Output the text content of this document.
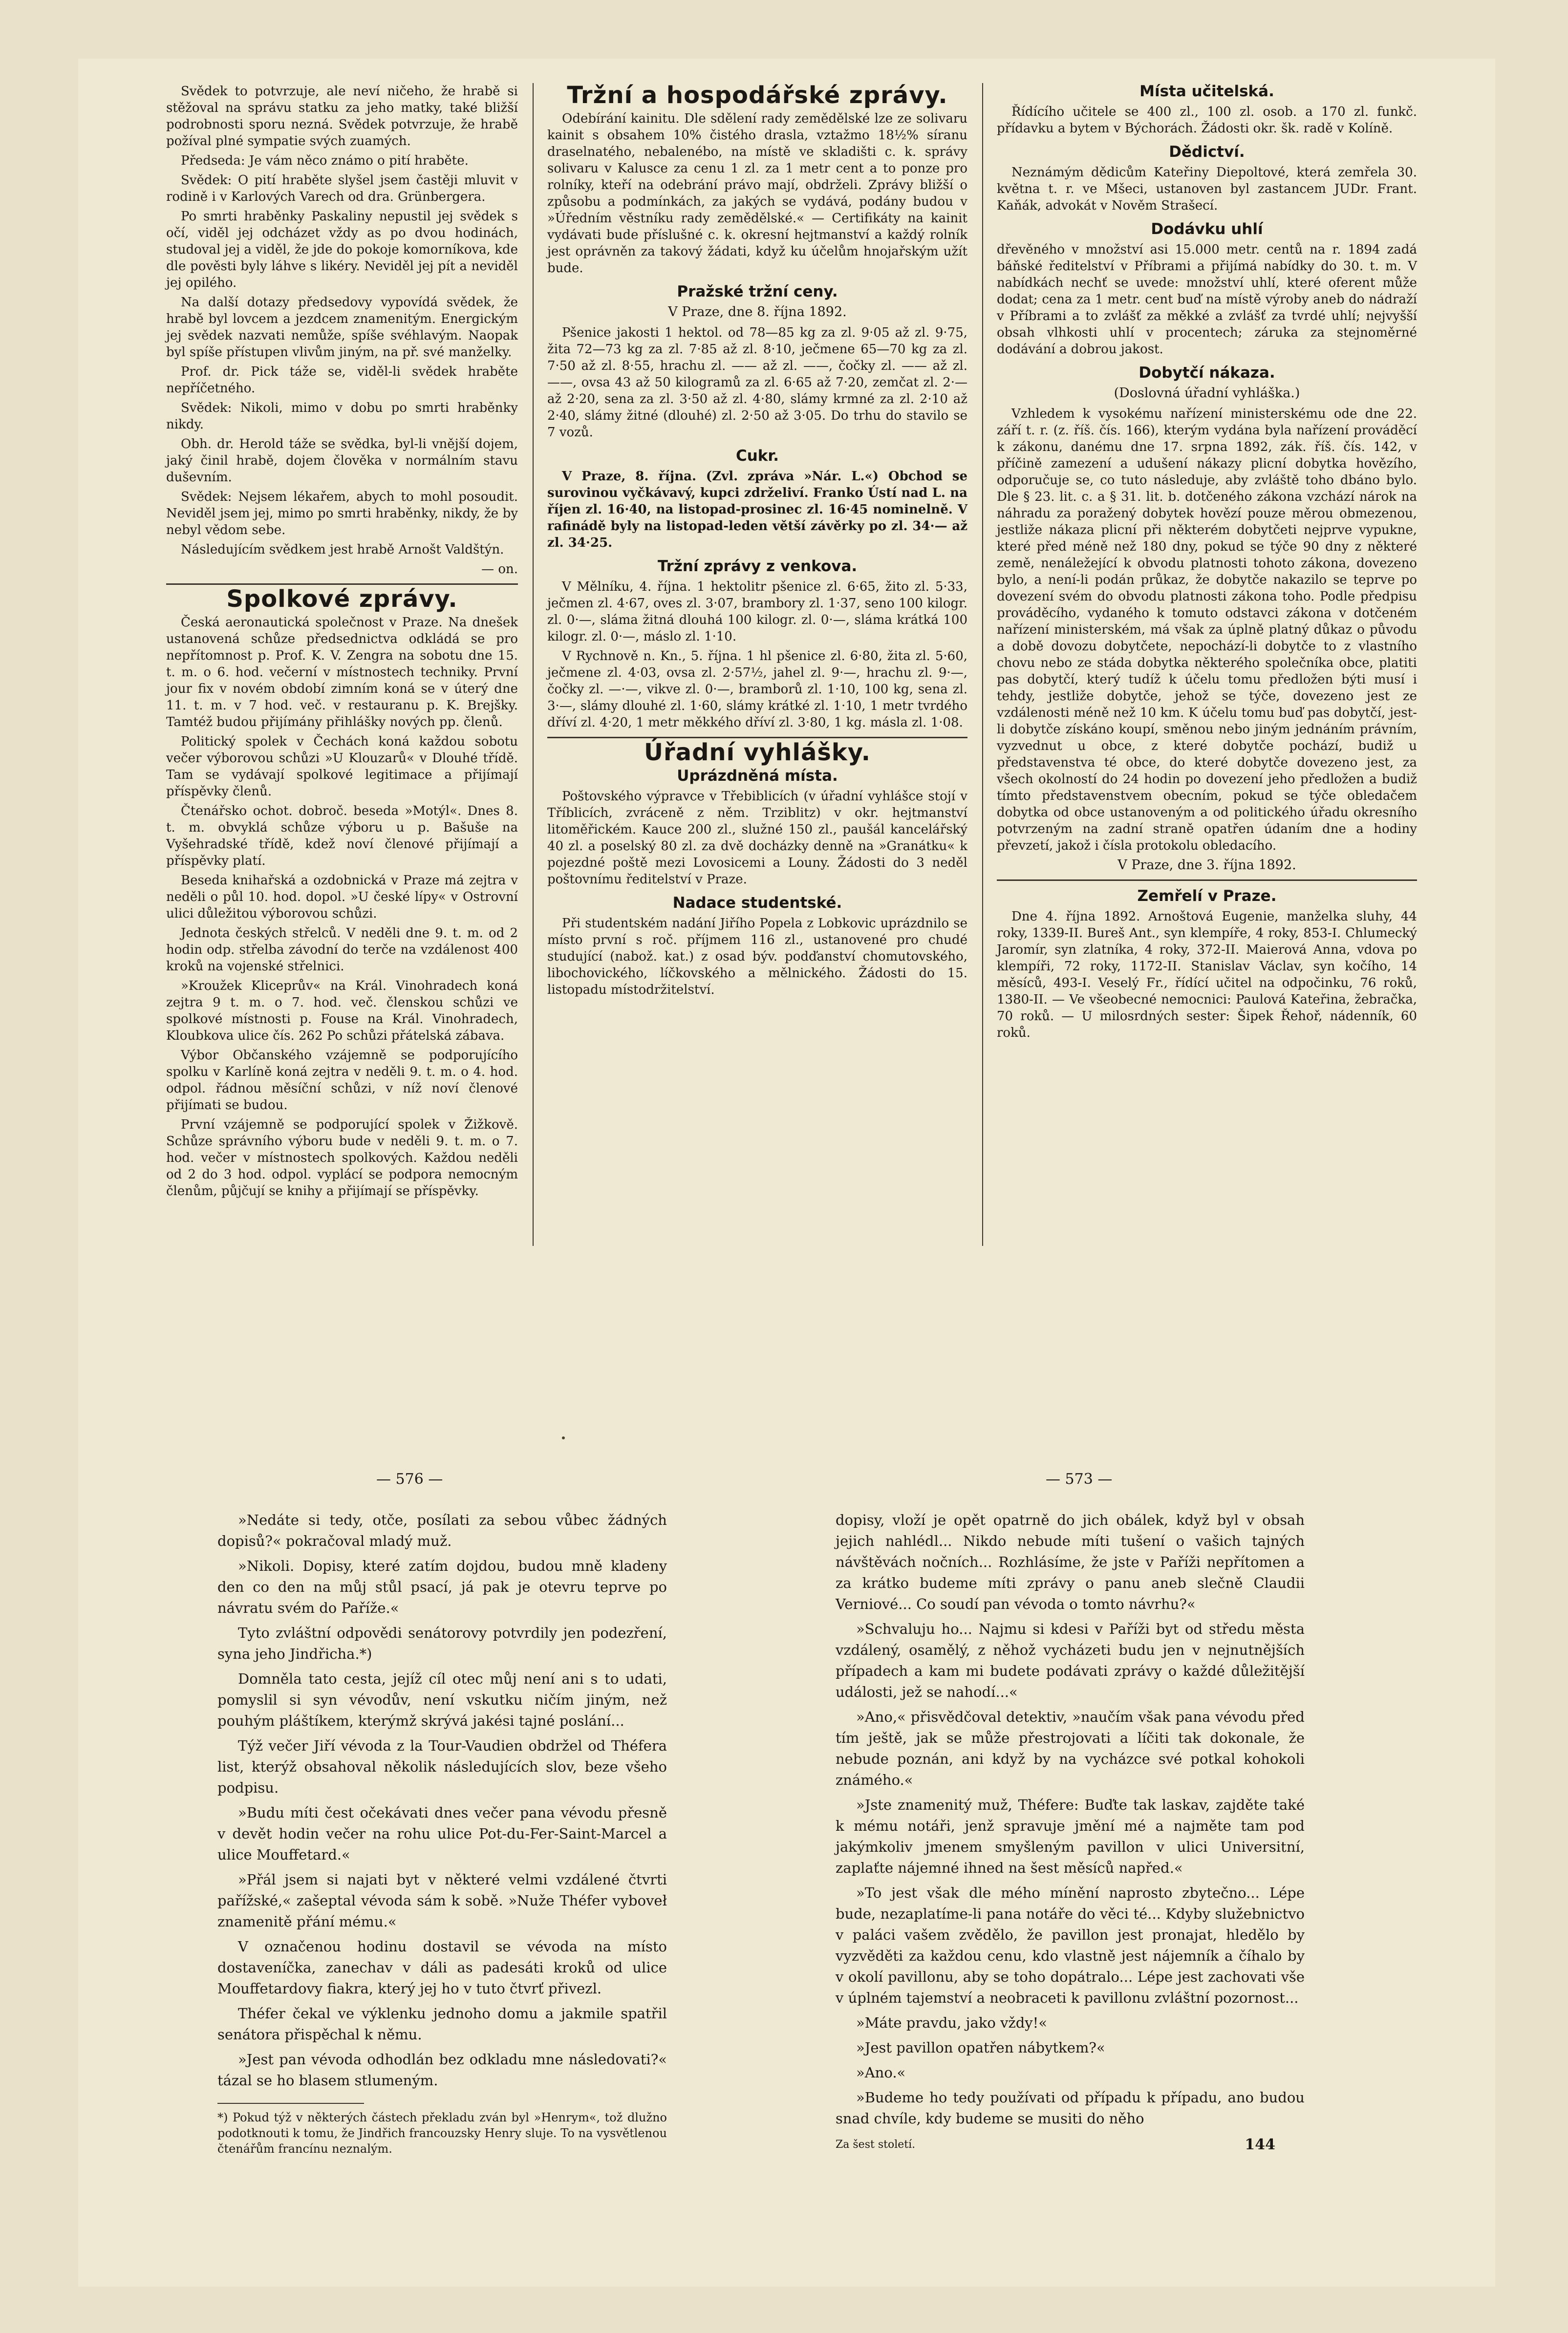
Svědek to potvrzuje, ale neví ničeho, že hrabě si stěžoval na správu statku za jeho matky, také bližší podrobnosti sporu nezná. Svědek potvrzuje, že hrabě požíval plné sympatie svých zuamých.

Předseda: Je vám něco známo o pití hraběte.

Svědek: O pití hraběte slyšel jsem častěji mluvit v rodině i v Karlových Varech od dra. Grünbergera.

Po smrti hraběnky Paskaliny nepustil jej svědek s očí, viděl jej odcházet vždy as po dvou hodinách, studoval jej a viděl, že jde do pokoje komorníkova, kde dle pověsti byly láhve s likéry. Neviděl jej pít a neviděl jej opilého.

Na další dotazy předsedovy vypovídá svědek, že hrabě byl lovcem a jezdcem znamenitým. Energickým jej svědek nazvati nemůže, spíše svéhlavým. Naopak byl spíše přístupen vlivům jiným, na př. své manželky.

Prof. dr. Pick táže se, viděl-li svědek hraběte nepříčetného.

Svědek: Nikoli, mimo v dobu po smrti hraběnky nikdy.

Obh. dr. Herold táže se svědka, byl-li vnější dojem, jaký činil hrabě, dojem člověka v normálním stavu duševním.

Svědek: Nejsem lékařem, abych to mohl posoudit. Neviděl jsem jej, mimo po smrti hraběnky, nikdy, že by nebyl vědom sebe.

Následujícím svědkem jest hrabě Arnošt Valdštýn.

— on.
Spolkové zprávy.

Česká aeronautická společnost v Praze. Na dnešek ustanovená schůze předsednictva odkládá se pro nepřítomnost p. Prof. K. V. Zengra na sobotu dne 15. t. m. o 6. hod. večerní v místnostech techniky. První jour fix v novém období zimním koná se v úterý dne 11. t. m. v 7 hod. več. v restauranu p. K. Brejšky. Tamtéž budou přijímány přihlášky nových pp. členů.

Politický spolek v Čechách koná každou sobotu večer výborovou schůzi »U Klouzarů« v Dlouhé třídě. Tam se vydávají spolkové legitimace a přijímají příspěvky členů.

Čtenářsko ochot. dobroč. beseda »Motýl«. Dnes 8. t. m. obvyklá schůze výboru u p. Bašuše na Vyšehradské třídě, kdež noví členové přijímají a příspěvky platí.

Beseda knihařská a ozdobnická v Praze má zejtra v neděli o půl 10. hod. dopol. »U české lípy« v Ostrovní ulici důležitou výborovou schůzi.

Jednota českých střelců. V neděli dne 9. t. m. od 2 hodin odp. střelba závodní do terče na vzdálenost 400 kroků na vojenské střelnici.

»Kroužek Kliceprův« na Král. Vinohradech koná zejtra 9 t. m. o 7. hod. več. členskou schůzi ve spolkové místnosti p. Fouse na Král. Vinohradech, Kloubkova ulice čís. 262 Po schůzi přátelská zábava.

Výbor Občanského vzájemně se podporujícího spolku v Karlíně koná zejtra v neděli 9. t. m. o 4. hod. odpol. řádnou měsíční schůzi, v níž noví členové přijímati se budou.

První vzájemně se podporující spolek v Žižkově. Schůze správního výboru bude v neděli 9. t. m. o 7. hod. večer v místnostech spolkových. Každou neděli od 2 do 3 hod. odpol. vyplácí se podpora nemocným členům, půjčují se knihy a přijímají se příspěvky.

Tržní a hospodářské zprávy.

Odebírání kainitu. Dle sdělení rady zemědělské lze ze solivaru kainit s obsahem 10% čistého drasla, vztažmo 18½% síranu draselnatého, nebalenébo, na místě ve skladišti c. k. správy solivaru v Kalusce za cenu 1 zl. za 1 metr cent a to ponze pro rolníky, kteří na odebrání právo mají, obdrželi. Zprávy bližší o způsobu a podmínkách, za jakých se vydává, podány budou v »Úředním věstníku rady zemědělské.« — Certifikáty na kainit vydávati bude příslušné c. k. okresní hejtmanství a každý rolník jest oprávněn za takový žádati, když ku účelům hnojařským užít bude.

Pražské tržní ceny.
V Praze, dne 8. října 1892.

Pšenice jakosti 1 hektol. od 78—85 kg za zl. 9·05 až zl. 9·75, žita 72—73 kg za zl. 7·85 až zl. 8·10, ječmene 65—70 kg za zl. 7·50 až zl. 8·55, hrachu zl. —— až zl. ——, čočky zl. —— až zl. ——, ovsa 43 až 50 kilogramů za zl. 6·65 až 7·20, zemčat zl. 2·— až 2·20, sena za zl. 3·50 až zl. 4·80, slámy krmné za zl. 2·10 až 2·40, slámy žitné (dlouhé) zl. 2·50 až 3·05. Do trhu do stavilo se 7 vozů.

Cukr.

V Praze, 8. října. (Zvl. zpráva »Nár. L.«) Obchod se surovinou vyčkávavý, kupci zdrželiví. Franko Ústí nad L. na říjen zl. 16·40, na listopad-prosinec zl. 16·45 nominelně. V rafinádě byly na listopad-leden větší závěrky po zl. 34·— až zl. 34·25.

Tržní zprávy z venkova.

V Mělníku, 4. října. 1 hektolitr pšenice zl. 6·65, žito zl. 5·33, ječmen zl. 4·67, oves zl. 3·07, brambory zl. 1·37, seno 100 kilogr. zl. 0·—, sláma žitná dlouhá 100 kilogr. zl. 0·—, sláma krátká 100 kilogr. zl. 0·—, máslo zl. 1·10.

V Rychnově n. Kn., 5. října. 1 hl pšenice zl. 6·80, žita zl. 5·60, ječmene zl. 4·03, ovsa zl. 2·57½, jahel zl. 9·—, hrachu zl. 9·—, čočky zl. —·—, vikve zl. 0·—, bramborů zl. 1·10, 100 kg, sena zl. 3·—, slámy dlouhé zl. 1·60, slámy krátké zl. 1·10, 1 metr tvrdého dříví zl. 4·20, 1 metr měkkého dříví zl. 3·80, 1 kg. másla zl. 1·08.

Úřadní vyhlášky.
Uprázdněná místa.

Poštovského výpravce v Třebiblicích (v úřadní vyhlášce stojí v Tříblicích, zvráceně z něm. Trziblitz) v okr. hejtmanství litoměřickém. Kauce 200 zl., služné 150 zl., paušál kancelářský 40 zl. a poselský 80 zl. za dvě docházky denně na »Granátku« k pojezdné poště mezi Lovosicemi a Louny. Žádosti do 3 neděl poštovnímu ředitelství v Praze.

Nadace studentské.

Při studentském nadání Jiřího Popela z Lobkovic uprázdnilo se místo první s roč. příjmem 116 zl., ustanovené pro chudé studující (nabož. kat.) z osad býv. podďanství chomutovského, libochovického, líčkovského a mělnického. Žádosti do 15. listopadu místodržitelství.

Místa učitelská.

Řídícího učitele se 400 zl., 100 zl. osob. a 170 zl. funkč. přídavku a bytem v Býchorách. Žádosti okr. šk. radě v Kolíně.

Dědictví.

Neznámým dědicům Kateřiny Diepoltové, která zemřela 30. května t. r. ve Mšeci, ustanoven byl zastancem JUDr. Frant. Kaňák, advokát v Nověm Strašecí.

Dodávku uhlí

dřevěného v množství asi 15.000 metr. centů na r. 1894 zadá báňské ředitelství v Příbrami a přijímá nabídky do 30. t. m. V nabídkách nechť se uvede: množství uhlí, které oferent může dodat; cena za 1 metr. cent buď na místě výroby aneb do nádraží v Příbrami a to zvlášť za měkké a zvlášť za tvrdé uhlí; nejvyšší obsah vlhkosti uhlí v procentech; záruka za stejnoměrné dodávání a dobrou jakost.

Dobytčí nákaza.
(Doslovná úřadní vyhláška.)

Vzhledem k vysokému nařízení ministerskému ode dne 22. září t. r. (z. říš. čís. 166), kterým vydána byla nařízení prováděcí k zákonu, danému dne 17. srpna 1892, zák. říš. čís. 142, v příčině zamezení a udušení nákazy plicní dobytka hovězího, odporučuje se, co tuto následuje, aby zvláště toho dbáno bylo. Dle § 23. lit. c. a § 31. lit. b. dotčeného zákona vzchází nárok na náhradu za poražený dobytek hovězí pouze měrou obmezenou, jestliže nákaza plicní při některém dobytčeti nejprve vypukne, které před méně než 180 dny, pokud se týče 90 dny z některé země, nenáležející k obvodu platnosti tohoto zákona, dovezeno bylo, a není-li podán průkaz, že dobytče nakazilo se teprve po dovezení svém do obvodu platnosti zákona toho. Podle předpisu prováděcího, vydaného k tomuto odstavci zákona v dotčeném nařízení ministerském, má však za úplně platný důkaz o původu a době dovozu dobytčete, nepochází-li dobytče to z vlastního chovu nebo ze stáda dobytka některého společníka obce, platiti pas dobytčí, který tudíž k účelu tomu předložen býti musí i tehdy, jestliže dobytče, jehož se týče, dovezeno jest ze vzdálenosti méně než 10 km. K účelu tomu buď pas dobytčí, jest-li dobytče získáno koupí, směnou nebo jiným jednáním právním, vyzvednut u obce, z které dobytče pochází, budiž u představenstva té obce, do které dobytče dovezeno jest, za všech okolností do 24 hodin po dovezení jeho předložen a budiž tímto představenstvem obecním, pokud se týče obledačem dobytka od obce ustanoveným a od politického úřadu okresního potvrzeným na zadní straně opatřen údaním dne a hodiny převzetí, jakož i čísla protokolu obledacího.

V Praze, dne 3. října 1892.
Zemřelí v Praze.

Dne 4. října 1892. Arnoštová Eugenie, manželka sluhy, 44 roky, 1339-II. Bureš Ant., syn klempíře, 4 roky, 853-I. Chlumecký Jaromír, syn zlatníka, 4 roky, 372-II. Maierová Anna, vdova po klempíři, 72 roky, 1172-II. Stanislav Václav, syn kočího, 14 měsíců, 493-I. Veselý Fr., řídící učitel na odpočinku, 76 roků, 1380-II. — Ve všeobecné nemocnici: Paulová Kateřina, žebračka, 70 roků. — U milosrdných sester: Šipek Řehoř, nádenník, 60 roků.

— 576 —	— 573 —

»Nedáte si tedy, otče, posílati za sebou vůbec žádných dopisů?« pokračoval mladý muž.

»Nikoli. Dopisy, které zatím dojdou, budou mně kladeny den co den na můj stůl psací, já pak je otevru teprve po návratu svém do Paříže.«

Tyto zvláštní odpovědi senátorovy potvrdily jen podezření, syna jeho Jindřicha.*)

Domněla tato cesta, jejíž cíl otec můj není ani s to udati, pomyslil si syn vévodův, není vskutku ničím jiným, než pouhým pláštíkem, kterýmž skrývá jakési tajné poslání...

Týž večer Jiří vévoda z la Tour-Vaudien obdržel od Théfera list, kterýž obsahoval několik následujících slov, beze všeho podpisu.

»Budu míti čest očekávati dnes večer pana vévodu přesně v devět hodin večer na rohu ulice Pot-du-Fer-Saint-Marcel a ulice Mouffetard.«

»Přál jsem si najati byt v některé velmi vzdálené čtvrti pařížské,« zašeptal vévoda sám k sobě. »Nuže Théfer vyboveł znamenitě přání mému.«

V označenou hodinu dostavil se vévoda na místo dostaveníčka, zanechav v dáli as padesáti kroků od ulice Mouffetardovy fiakra, který jej ho v tuto čtvrť přivezl.

Théfer čekal ve výklenku jednoho domu a jakmile spatřil senátora přispěchal k němu.

»Jest pan vévoda odhodlán bez odkladu mne následovati?« tázal se ho blasem stlumeným.

*) Pokud týž v některých částech překladu zván byl »Henrym«, tož dlužno podotknouti k tomu, že Jindřich francouzsky Henry sluje. To na vysvětlenou čtenářům francínu neznalým.

dopisy, vloží je opět opatrně do jich obálek, když byl v obsah jejich nahlédl... Nikdo nebude míti tušení o vašich tajných návštěvách nočních... Rozhlásíme, že jste v Paříži nepřítomen a za krátko budeme míti zprávy o panu aneb slečně Claudii Verniové... Co soudí pan vévoda o tomto návrhu?«

»Schvaluju ho... Najmu si kdesi v Paříži byt od středu města vzdálený, osamělý, z něhož vycházeti budu jen v nejnutnějších případech a kam mi budete podávati zprávy o každé důležitější události, jež se nahodí...«

»Ano,« přisvědčoval detektiv, »naučím však pana vévodu před tím ještě, jak se může přestrojovati a líčiti tak dokonale, že nebude poznán, ani když by na vycházce své potkal kohokoli známého.«

»Jste znamenitý muž, Théfere: Buďte tak laskav, zajděte také k mému notáři, jenž spravuje jmění mé a najměte tam pod jakýmkoliv jmenem smyšleným pavillon v ulici Universitní, zaplaťte nájemné ihned na šest měsíců napřed.«

»To jest však dle mého mínění naprosto zbytečno... Lépe bude, nezaplatíme-li pana notáře do věci té... Kdyby služebnictvo v paláci vašem zvědělo, že pavillon jest pronajat, hledělo by vyzvěděti za každou cenu, kdo vlastně jest nájemník a číhalo by v okolí pavillonu, aby se toho dopátralo... Lépe jest zachovati vše v úplném tajemství a neobraceti k pavillonu zvláštní pozornost...

»Máte pravdu, jako vždy!«

»Jest pavillon opatřen nábytkem?«

»Ano.«

»Budeme ho tedy používati od případu k případu, ano budou snad chvíle, kdy budeme se musiti do něho

Za šest století.	144
